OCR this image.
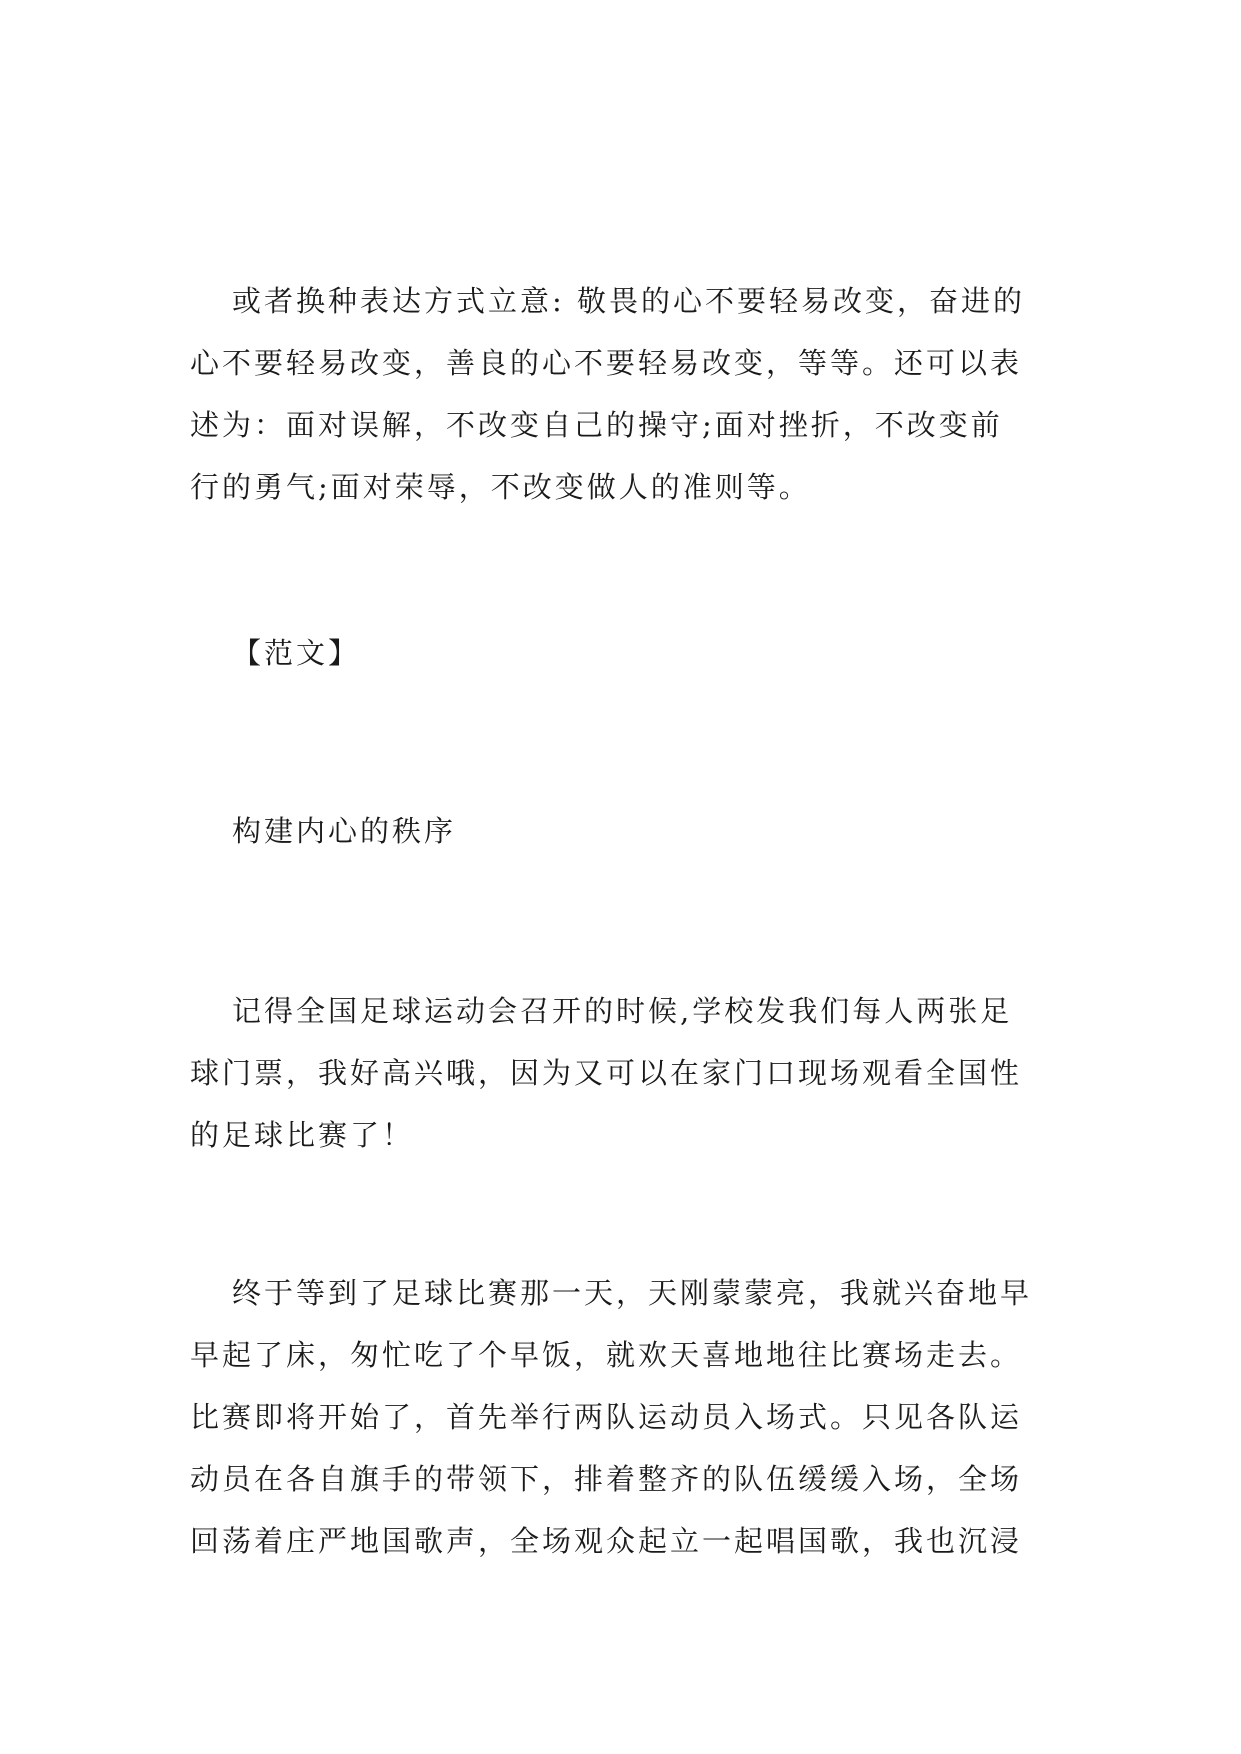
或者换种表达方式立意: 敬畏的心不要轻易改变，奋进的
心不要轻易改变，善良的心不要轻易改变，等等。还可以表
述为：面对误解，不改变自己的操守;面对挫折，不改变前
行的勇气;面对荣辱，不改变做人的准则等。
【范文】
构建内心的秩序
记得全国足球运动会召开的时候,学校发我们每人两张足
球门票，我好高兴哦，因为又可以在家门口现场观看全国性
的足球比赛了！
终于等到了足球比赛那一天，天刚蒙蒙亮，我就兴奋地早
早起了床，匆忙吃了个早饭，就欢天喜地地往比赛场走去。
比赛即将开始了，首先举行两队运动员入场式。只见各队运
动员在各自旗手的带领下，排着整齐的队伍缓缓入场，全场
回荡着庄严地国歌声，全场观众起立一起唱国歌，我也沉浸
